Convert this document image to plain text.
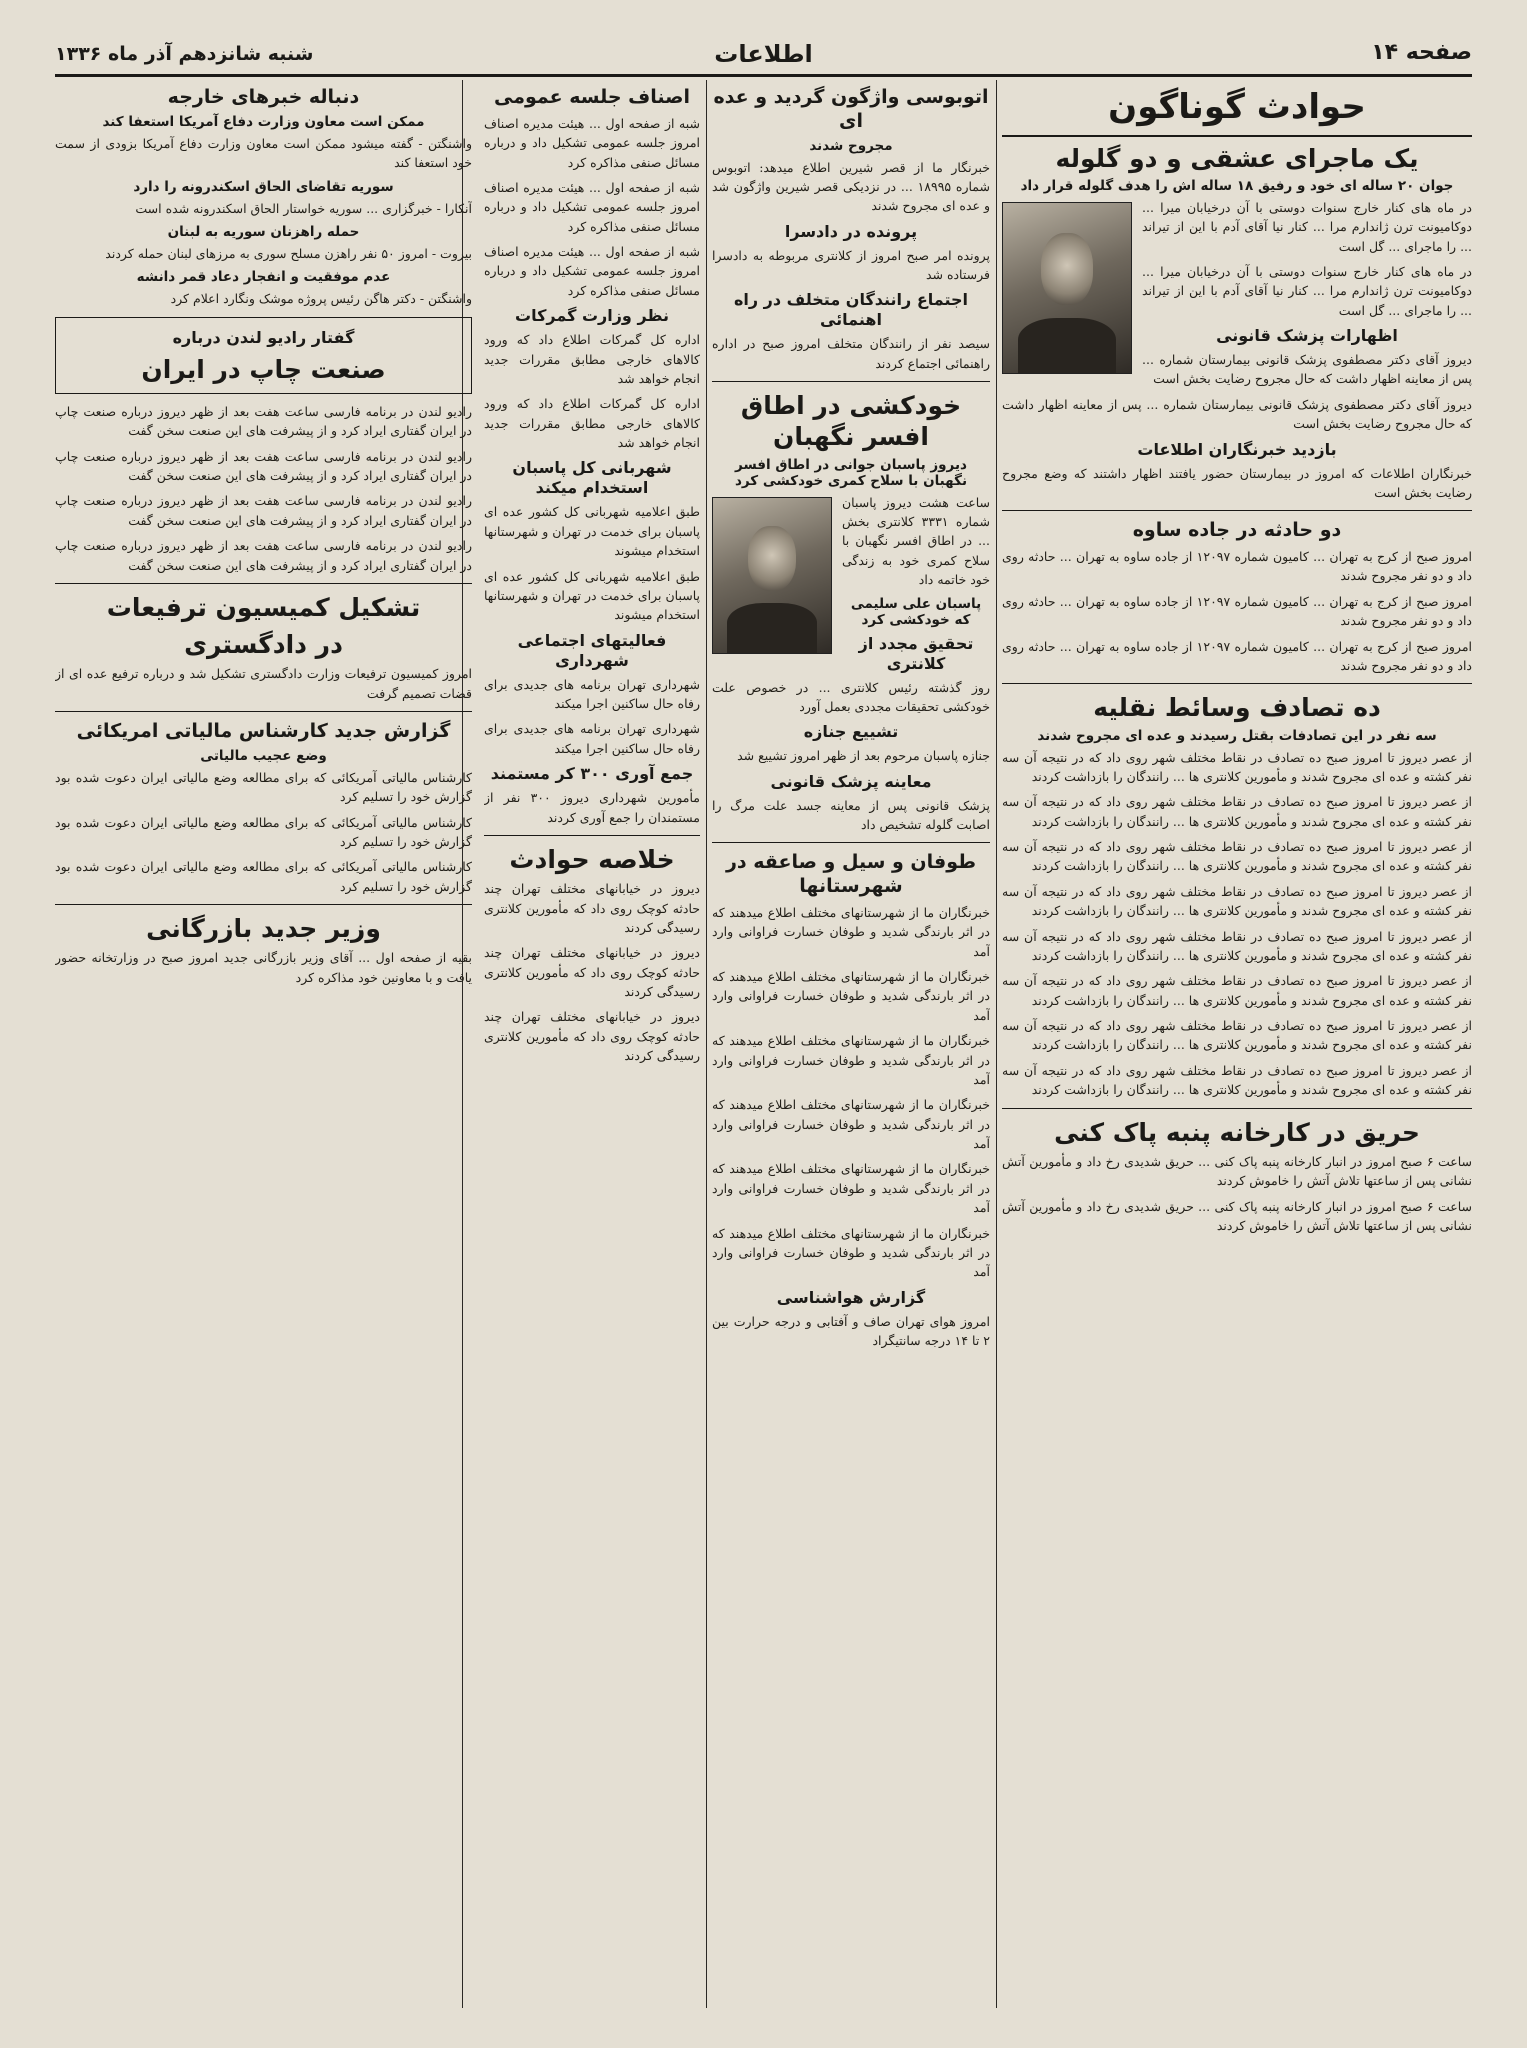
صفحه ۱۴
اطلاعات
شنبه شانزدهم آذر ماه ۱۳۳۶
حوادث گوناگون
یک ماجرای عشقی و دو گلوله
جوان ۲۰ ساله ای خود و رفیق ۱۸ ساله اش را هدف گلوله قرار داد

در ماه های کنار خارج سنوات دوستی با آن درخیابان میرا ... دوکامیونت ترن ژاندارم مرا ... کنار نیا آقای آدم با این از تیراند ... را ماجرای ... گل است

در ماه های کنار خارج سنوات دوستی با آن درخیابان میرا ... دوکامیونت ترن ژاندارم مرا ... کنار نیا آقای آدم با این از تیراند ... را ماجرای ... گل است

اظهارات پزشک قانونی

دیروز آقای دکتر مصطفوی پزشک قانونی بیمارستان شماره ... پس از معاینه اظهار داشت که حال مجروح رضایت بخش است

دیروز آقای دکتر مصطفوی پزشک قانونی بیمارستان شماره ... پس از معاینه اظهار داشت که حال مجروح رضایت بخش است

بازدید خبرنگاران اطلاعات

خبرنگاران اطلاعات که امروز در بیمارستان حضور یافتند اظهار داشتند که وضع مجروح رضایت بخش است

دو حادثه در جاده ساوه

امروز صبح از کرج به تهران ... کامیون شماره ۱۲۰۹۷ از جاده ساوه به تهران ... حادثه روی داد و دو نفر مجروح شدند

امروز صبح از کرج به تهران ... کامیون شماره ۱۲۰۹۷ از جاده ساوه به تهران ... حادثه روی داد و دو نفر مجروح شدند

امروز صبح از کرج به تهران ... کامیون شماره ۱۲۰۹۷ از جاده ساوه به تهران ... حادثه روی داد و دو نفر مجروح شدند

ده تصادف وسائط نقلیه
سه نفر در این تصادفات بقتل رسیدند و عده ای مجروح شدند

از عصر دیروز تا امروز صبح ده تصادف در نقاط مختلف شهر روی داد که در نتیجه آن سه نفر کشته و عده ای مجروح شدند و مأمورین کلانتری ها ... رانندگان را بازداشت کردند

از عصر دیروز تا امروز صبح ده تصادف در نقاط مختلف شهر روی داد که در نتیجه آن سه نفر کشته و عده ای مجروح شدند و مأمورین کلانتری ها ... رانندگان را بازداشت کردند

از عصر دیروز تا امروز صبح ده تصادف در نقاط مختلف شهر روی داد که در نتیجه آن سه نفر کشته و عده ای مجروح شدند و مأمورین کلانتری ها ... رانندگان را بازداشت کردند

از عصر دیروز تا امروز صبح ده تصادف در نقاط مختلف شهر روی داد که در نتیجه آن سه نفر کشته و عده ای مجروح شدند و مأمورین کلانتری ها ... رانندگان را بازداشت کردند

از عصر دیروز تا امروز صبح ده تصادف در نقاط مختلف شهر روی داد که در نتیجه آن سه نفر کشته و عده ای مجروح شدند و مأمورین کلانتری ها ... رانندگان را بازداشت کردند

از عصر دیروز تا امروز صبح ده تصادف در نقاط مختلف شهر روی داد که در نتیجه آن سه نفر کشته و عده ای مجروح شدند و مأمورین کلانتری ها ... رانندگان را بازداشت کردند

از عصر دیروز تا امروز صبح ده تصادف در نقاط مختلف شهر روی داد که در نتیجه آن سه نفر کشته و عده ای مجروح شدند و مأمورین کلانتری ها ... رانندگان را بازداشت کردند

از عصر دیروز تا امروز صبح ده تصادف در نقاط مختلف شهر روی داد که در نتیجه آن سه نفر کشته و عده ای مجروح شدند و مأمورین کلانتری ها ... رانندگان را بازداشت کردند

حریق در کارخانه پنبه پاک کنی

ساعت ۶ صبح امروز در انبار کارخانه پنبه پاک کنی ... حریق شدیدی رخ داد و مأمورین آتش نشانی پس از ساعتها تلاش آتش را خاموش کردند

ساعت ۶ صبح امروز در انبار کارخانه پنبه پاک کنی ... حریق شدیدی رخ داد و مأمورین آتش نشانی پس از ساعتها تلاش آتش را خاموش کردند

اتوبوسی واژگون گردید و عده ای
مجروح شدند

خبرنگار ما از قصر شیرین اطلاع میدهد: اتوبوس شماره ۱۸۹۹۵ ... در نزدیکی قصر شیرین واژگون شد و عده ای مجروح شدند

پرونده در دادسرا

پرونده امر صبح امروز از کلانتری مربوطه به دادسرا فرستاده شد

اجتماع رانندگان متخلف در راه اهنمائی

سیصد نفر از رانندگان متخلف امروز صبح در اداره راهنمائی اجتماع کردند

خودکشی در اطاق افسر نگهبان
دیروز پاسبان جوانی در اطاق افسر نگهبان با سلاح کمری خودکشی کرد

ساعت هشت دیروز پاسبان شماره ۳۳۳۱ کلانتری بخش ... در اطاق افسر نگهبان با سلاح کمری خود به زندگی خود خاتمه داد

پاسبان علی سلیمی که خودکشی کرد
تحقیق مجدد از کلانتری

روز گذشته رئیس کلانتری ... در خصوص علت خودکشی تحقیقات مجددی بعمل آورد

تشییع جنازه

جنازه پاسبان مرحوم بعد از ظهر امروز تشییع شد

معاینه پزشک قانونی

پزشک قانونی پس از معاینه جسد علت مرگ را اصابت گلوله تشخیص داد

طوفان و سیل و صاعقه در شهرستانها

خبرنگاران ما از شهرستانهای مختلف اطلاع میدهند که در اثر بارندگی شدید و طوفان خسارت فراوانی وارد آمد

خبرنگاران ما از شهرستانهای مختلف اطلاع میدهند که در اثر بارندگی شدید و طوفان خسارت فراوانی وارد آمد

خبرنگاران ما از شهرستانهای مختلف اطلاع میدهند که در اثر بارندگی شدید و طوفان خسارت فراوانی وارد آمد

خبرنگاران ما از شهرستانهای مختلف اطلاع میدهند که در اثر بارندگی شدید و طوفان خسارت فراوانی وارد آمد

خبرنگاران ما از شهرستانهای مختلف اطلاع میدهند که در اثر بارندگی شدید و طوفان خسارت فراوانی وارد آمد

خبرنگاران ما از شهرستانهای مختلف اطلاع میدهند که در اثر بارندگی شدید و طوفان خسارت فراوانی وارد آمد

گزارش هواشناسی

امروز هوای تهران صاف و آفتابی و درجه حرارت بین ۲ تا ۱۴ درجه سانتیگراد

اصناف جلسه عمومی

شبه از صفحه اول ... هیئت مدیره اصناف امروز جلسه عمومی تشکیل داد و درباره مسائل صنفی مذاکره کرد

شبه از صفحه اول ... هیئت مدیره اصناف امروز جلسه عمومی تشکیل داد و درباره مسائل صنفی مذاکره کرد

شبه از صفحه اول ... هیئت مدیره اصناف امروز جلسه عمومی تشکیل داد و درباره مسائل صنفی مذاکره کرد

نظر وزارت گمرکات

اداره کل گمرکات اطلاع داد که ورود کالاهای خارجی مطابق مقررات جدید انجام خواهد شد

اداره کل گمرکات اطلاع داد که ورود کالاهای خارجی مطابق مقررات جدید انجام خواهد شد

شهربانی کل پاسبان استخدام میکند

طبق اعلامیه شهربانی کل کشور عده ای پاسبان برای خدمت در تهران و شهرستانها استخدام میشوند

طبق اعلامیه شهربانی کل کشور عده ای پاسبان برای خدمت در تهران و شهرستانها استخدام میشوند

فعالیتهای اجتماعی شهرداری

شهرداری تهران برنامه های جدیدی برای رفاه حال ساکنین اجرا میکند

شهرداری تهران برنامه های جدیدی برای رفاه حال ساکنین اجرا میکند

جمع آوری ۳۰۰ کر مستمند

مأمورین شهرداری دیروز ۳۰۰ نفر از مستمندان را جمع آوری کردند

خلاصه حوادث

دیروز در خیابانهای مختلف تهران چند حادثه کوچک روی داد که مأمورین کلانتری رسیدگی کردند

دیروز در خیابانهای مختلف تهران چند حادثه کوچک روی داد که مأمورین کلانتری رسیدگی کردند

دیروز در خیابانهای مختلف تهران چند حادثه کوچک روی داد که مأمورین کلانتری رسیدگی کردند

دنباله خبرهای خارجه
ممکن است معاون وزارت دفاع آمریکا استعفا کند

واشنگتن - گفته میشود ممکن است معاون وزارت دفاع آمریکا بزودی از سمت خود استعفا کند

سوریه تقاضای الحاق اسکندرونه را دارد

آنکارا - خبرگزاری ... سوریه خواستار الحاق اسکندرونه شده است

حمله راهزنان سوریه به لبنان

بیروت - امروز ۵۰ نفر راهزن مسلح سوری به مرزهای لبنان حمله کردند

عدم موفقیت و انفجار دعاد قمر دانشه

واشنگتن - دکتر هاگن رئیس پروژه موشک ونگارد اعلام کرد

گفتار رادیو لندن درباره
صنعت چاپ در ایران

رادیو لندن در برنامه فارسی ساعت هفت بعد از ظهر دیروز درباره صنعت چاپ در ایران گفتاری ایراد کرد و از پیشرفت های این صنعت سخن گفت

رادیو لندن در برنامه فارسی ساعت هفت بعد از ظهر دیروز درباره صنعت چاپ در ایران گفتاری ایراد کرد و از پیشرفت های این صنعت سخن گفت

رادیو لندن در برنامه فارسی ساعت هفت بعد از ظهر دیروز درباره صنعت چاپ در ایران گفتاری ایراد کرد و از پیشرفت های این صنعت سخن گفت

رادیو لندن در برنامه فارسی ساعت هفت بعد از ظهر دیروز درباره صنعت چاپ در ایران گفتاری ایراد کرد و از پیشرفت های این صنعت سخن گفت

تشکیل کمیسیون ترفیعات
در دادگستری

امروز کمیسیون ترفیعات وزارت دادگستری تشکیل شد و درباره ترفیع عده ای از قضات تصمیم گرفت

گزارش جدید کارشناس مالیاتی امریکائی
وضع عجیب مالیاتی

کارشناس مالیاتی آمریکائی که برای مطالعه وضع مالیاتی ایران دعوت شده بود گزارش خود را تسلیم کرد

کارشناس مالیاتی آمریکائی که برای مطالعه وضع مالیاتی ایران دعوت شده بود گزارش خود را تسلیم کرد

کارشناس مالیاتی آمریکائی که برای مطالعه وضع مالیاتی ایران دعوت شده بود گزارش خود را تسلیم کرد

وزیر جدید بازرگانی

بقیه از صفحه اول ... آقای وزیر بازرگانی جدید امروز صبح در وزارتخانه حضور یافت و با معاونین خود مذاکره کرد
